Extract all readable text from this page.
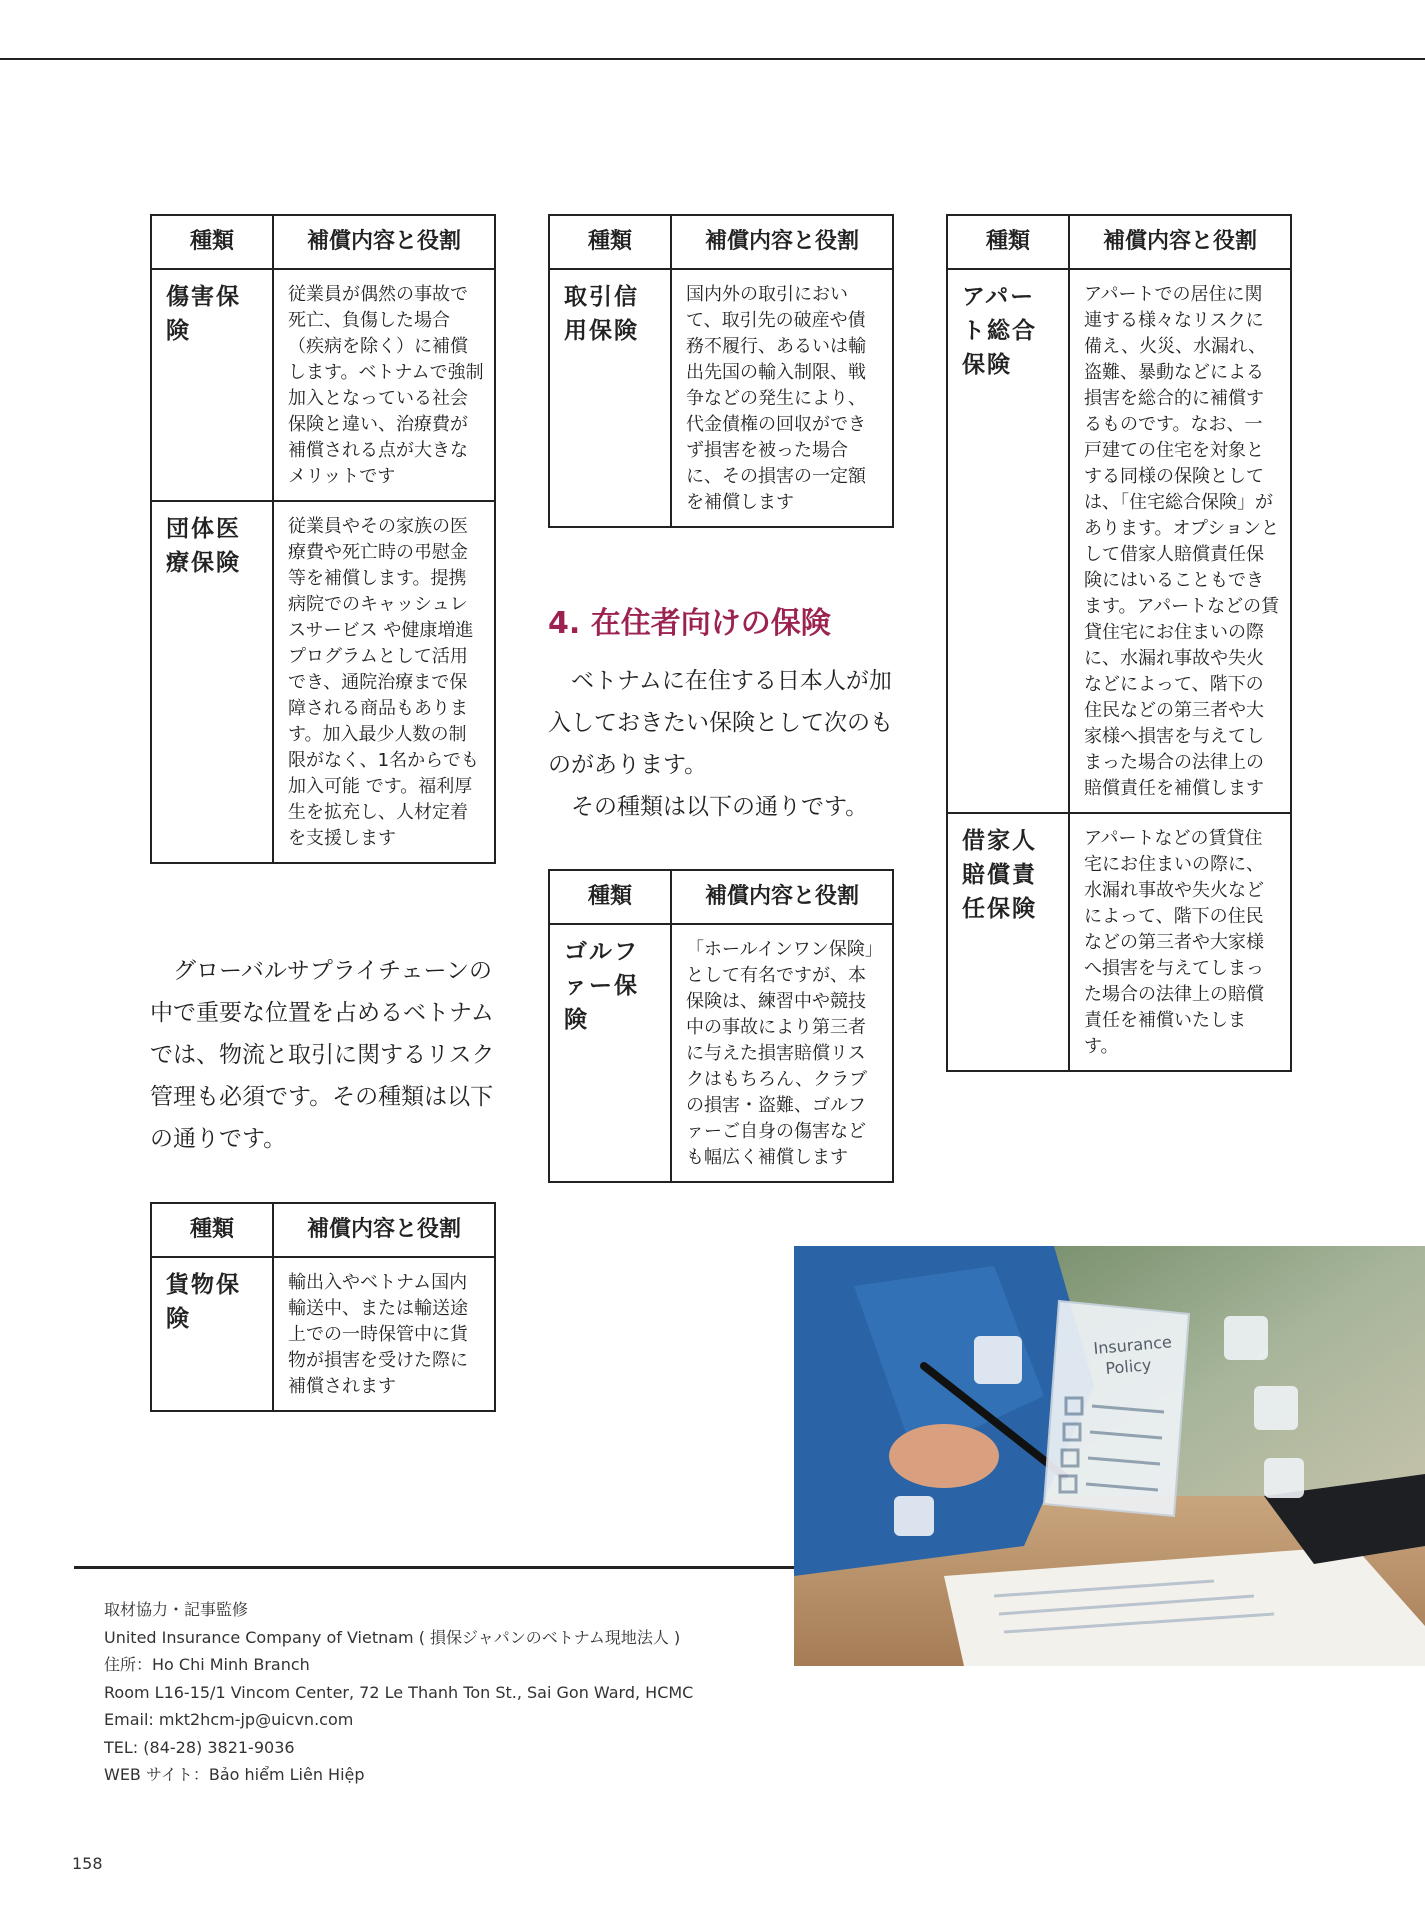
種類	補償内容と役割
傷害保険	従業員が偶然の事故で死亡、負傷した場合（疾病を除く）に補償します。ベトナムで強制加入となっている社会保険と違い、治療費が補償される点が大きなメリットです
団体医療保険	従業員やその家族の医療費や死亡時の弔慰金等を補償します。提携病院でのキャッシュレスサービス や健康増進プログラムとして活用でき、通院治療まで保障される商品もあります。加入最少人数の制限がなく、1名からでも加入可能 です。福利厚生を拡充し、人材定着を支援します

グローバルサプライチェーンの中で重要な位置を占めるベトナムでは、物流と取引に関するリスク管理も必須です。その種類は以下の通りです。

種類	補償内容と役割
貨物保険	輸出入やベトナム国内輸送中、または輸送途上での一時保管中に貨物が損害を受けた際に補償されます
種類	補償内容と役割
取引信用保険	国内外の取引において、取引先の破産や債務不履行、あるいは輸出先国の輸入制限、戦争などの発生により、代金債権の回収ができず損害を被った場合に、その損害の一定額を補償します
4. 在住者向けの保険

ベトナムに在住する日本人が加入しておきたい保険として次のものがあります。

その種類は以下の通りです。

種類	補償内容と役割
ゴルファー保険	「ホールインワン保険」として有名ですが、本保険は、練習中や競技中の事故により第三者に与えた損害賠償リスクはもちろん、クラブの損害・盗難、ゴルファーご自身の傷害なども幅広く補償します
種類	補償内容と役割
アパート総合保険	アパートでの居住に関連する様々なリスクに備え、火災、水漏れ、盗難、暴動などによる損害を総合的に補償するものです。なお、一戸建ての住宅を対象とする同様の保険としては、「住宅総合保険」があります。オプションとして借家人賠償責任保険にはいることもできます。アパートなどの賃貸住宅にお住まいの際に、水漏れ事故や失火などによって、階下の住民などの第三者や大家様へ損害を与えてしまった場合の法律上の賠償責任を補償します
借家人賠償責任保険	アパートなどの賃貸住宅にお住まいの際に、水漏れ事故や失火などによって、階下の住民などの第三者や大家様へ損害を与えてしまった場合の法律上の賠償責任を補償いたします。
Insurance
Policy
取材協力・記事監修
United Insurance Company of Vietnam ( 損保ジャパンのベトナム現地法人 )
住所：Ho Chi Minh Branch
Room L16-15/1 Vincom Center, 72 Le Thanh Ton St., Sai Gon Ward, HCMC
Email: mkt2hcm-jp@uicvn.com
TEL: (84-28) 3821-9036
WEB サイト：Bảo hiểm Liên Hiệp
158
